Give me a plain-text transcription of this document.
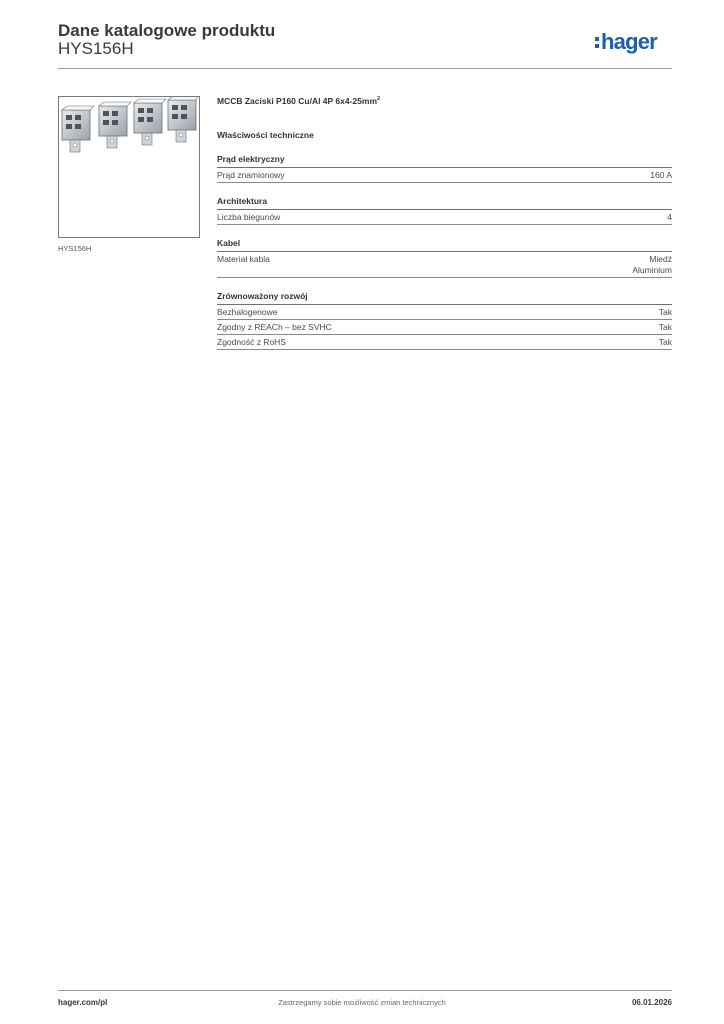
Dane katalogowe produktu
HYS156H	hager
HYS156H
MCCB Zaciski P160 Cu/Al 4P $6x4-25mm^2$
Właściwości techniczne
Prąd elektryczny
Prąd znamionowy	160 A
Architektura
Liczba biegunów	4
Kabel
Materiał kabla	Miedź
Aluminium
Zrównoważony rozwój
Bezhalogenowe	Tak
Zgodny z REACh – bez SVHC	Tak
Zgodność z RoHS	Tak
hager.com/pl	Zastrzegamy sobie możliwość zmian technicznych	06.01.2026
